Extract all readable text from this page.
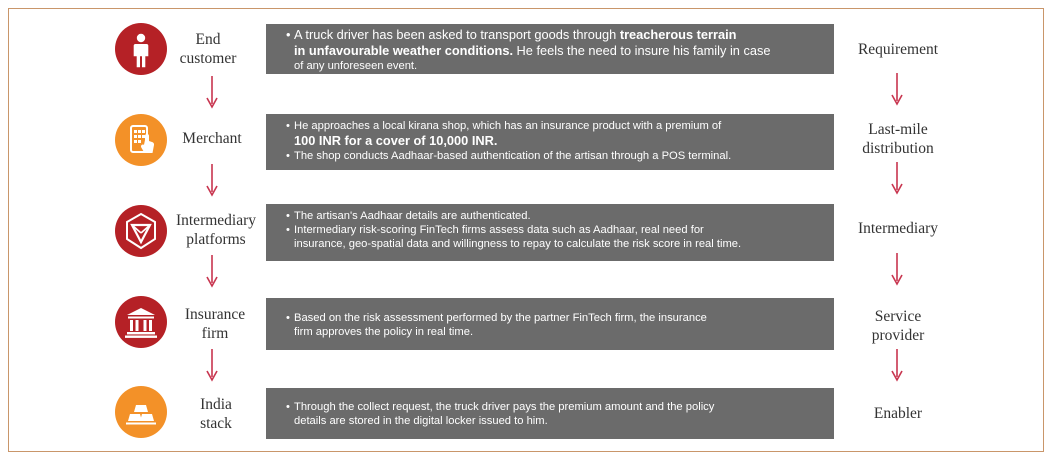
End
customer
• A truck driver has been asked to transport goods through treacherous terrain
in unfavourable weather conditions. He feels the need to insure his family in case
of any unforeseen event.
Requirement
Merchant
• He approaches a local kirana shop, which has an insurance product with a premium of
100 INR for a cover of 10,000 INR.
• The shop conducts Aadhaar-based authentication of the artisan through a POS terminal.
Last-mile
distribution
Intermediary
platforms
• The artisan's Aadhaar details are authenticated.
• Intermediary risk-scoring FinTech firms assess data such as Aadhaar, real need for
insurance, geo-spatial data and willingness to repay to calculate the risk score in real time.
Intermediary
Insurance
firm
• Based on the risk assessment performed by the partner FinTech firm, the insurance
firm approves the policy in real time.
Service
provider
India
stack
• Through the collect request, the truck driver pays the premium amount and the policy
details are stored in the digital locker issued to him.	Enabler
